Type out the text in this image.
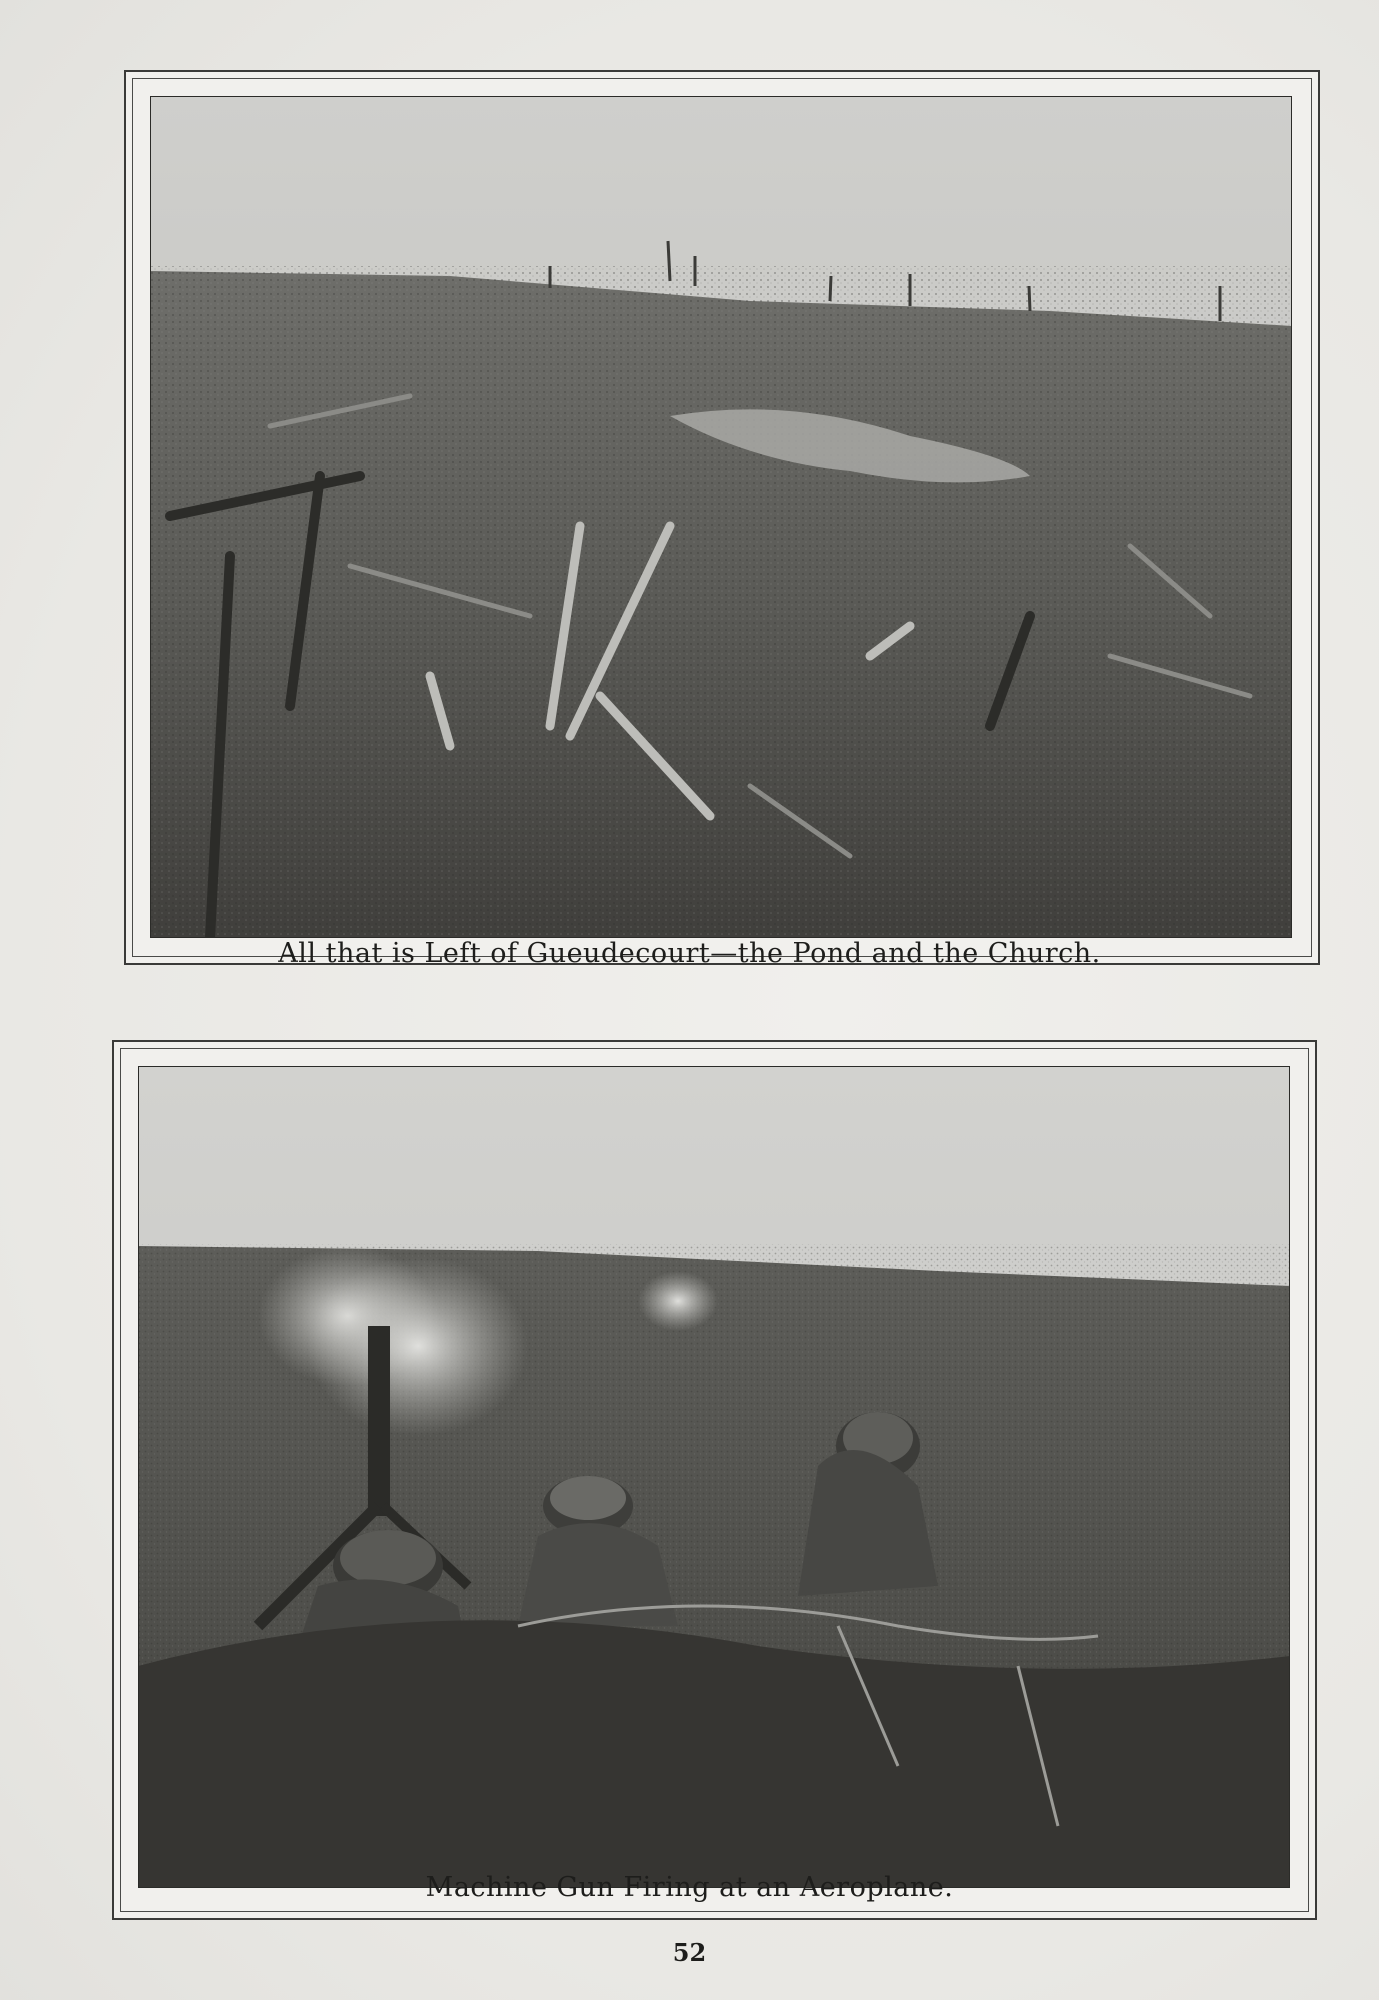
All that is Left of Gueudecourt—the Pond and the Church.
Machine Gun Firing at an Aeroplane.
52
